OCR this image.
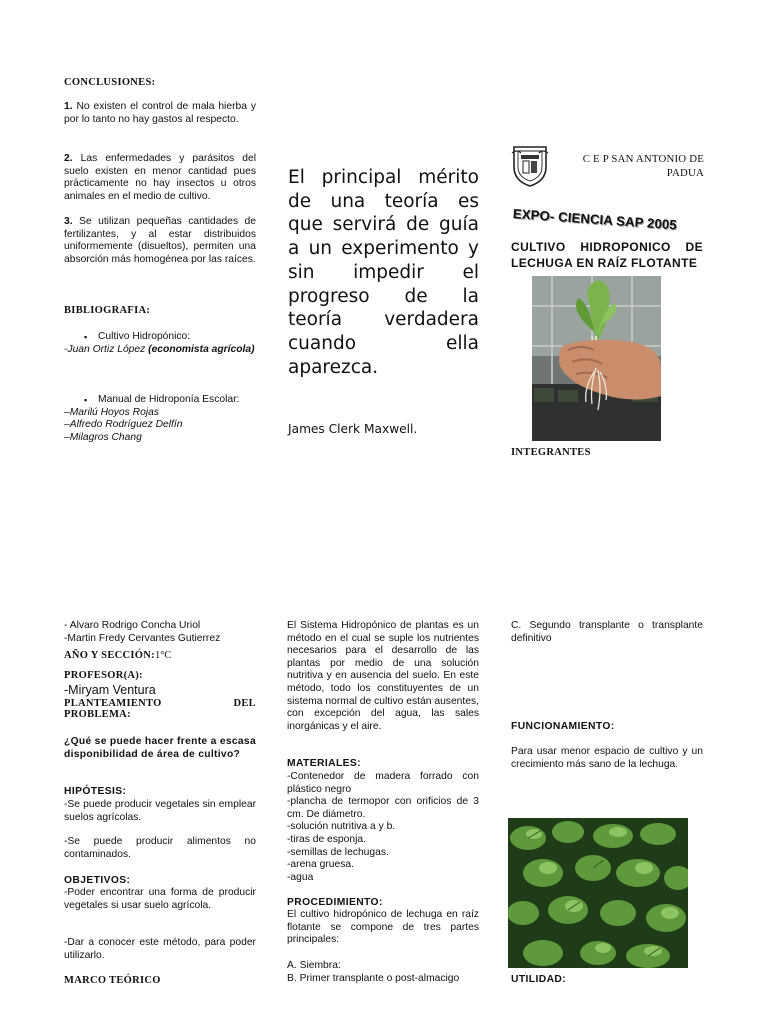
CONCLUSIONES:
1. No existen el control de mala hierba y por lo tanto no hay gastos al respecto.
2. Las enfermedades y parásitos del suelo existen en menor cantidad pues prácticamente no hay insectos u otros animales en el medio de cultivo.
3. Se utilizan pequeñas cantidades de fertilizantes, y al estar distribuidos uniformemente (disueltos), permiten una absorción más homogénea por las raíces.
BIBLIOGRAFIA:
▪ Cultivo Hidropónico:
-Juan Ortiz López (economista agrícola)
▪ Manual de Hidroponía Escolar:
–Marilú Hoyos Rojas
–Alfredo Rodríguez Delfín
–Milagros Chang
El principal mérito de una teoría es que servirá de guía a un experimento y sin impedir el progreso de la teoría verdadera cuando ella aparezca.
James Clerk Maxwell.
C E P SAN ANTONIO DE PADUA
EXPO- CIENCIA SAP 2005
CULTIVO HIDROPONICO DE LECHUGA EN RAÍZ FLOTANTE
INTEGRANTES
- Alvaro Rodrigo Concha Uriol
-Martin Fredy Cervantes Gutierrez
AÑO Y SECCIÓN:1°C
PROFESOR(A):
-Miryam Ventura
PLANTEAMIENTO	DEL
PROBLEMA:
¿Qué se puede hacer frente a escasa disponibilidad de área de cultivo?
HIPÓTESIS:
-Se puede producir vegetales sin emplear suelos agrícolas.
-Se puede producir alimentos no contaminados.
OBJETIVOS:
-Poder encontrar una forma de producir vegetales si usar suelo agrícola.
-Dar a conocer este método, para poder utilizarlo.
MARCO TEÓRICO
El Sistema Hidropónico de plantas es un método en el cual se suple los nutrientes necesarios para el desarrollo de las plantas por medio de una solución nutritiva y en ausencia del suelo. En este método, todo los constituyentes de un sistema normal de cultivo están ausentes, con excepción del agua, las sales inorgánicas y el aire.
MATERIALES:
-Contenedor de madera forrado con plástico negro
-plancha de termopor con orificios de 3 cm. De diámetro.
-solución nutritiva a y b.
-tiras de esponja.
-semillas de lechugas.
-arena gruesa.
-agua
PROCEDIMIENTO:
El cultivo hidropónico de lechuga en raíz flotante se compone de tres partes principales:
A. Siembra:
B. Primer transplante o post-almacigo
C. Segundo transplante o transplante definitivo
FUNCIONAMIENTO:
Para usar menor espacio de cultivo y un crecimiento más sano de la lechuga.
UTILIDAD:
